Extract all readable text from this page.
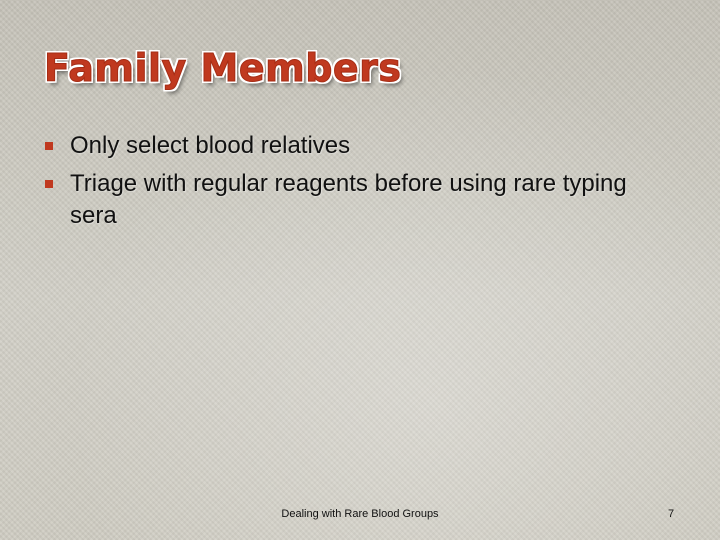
Family Members
Only select blood relatives
Triage with regular reagents before using rare typing sera
Dealing with Rare Blood Groups	7
